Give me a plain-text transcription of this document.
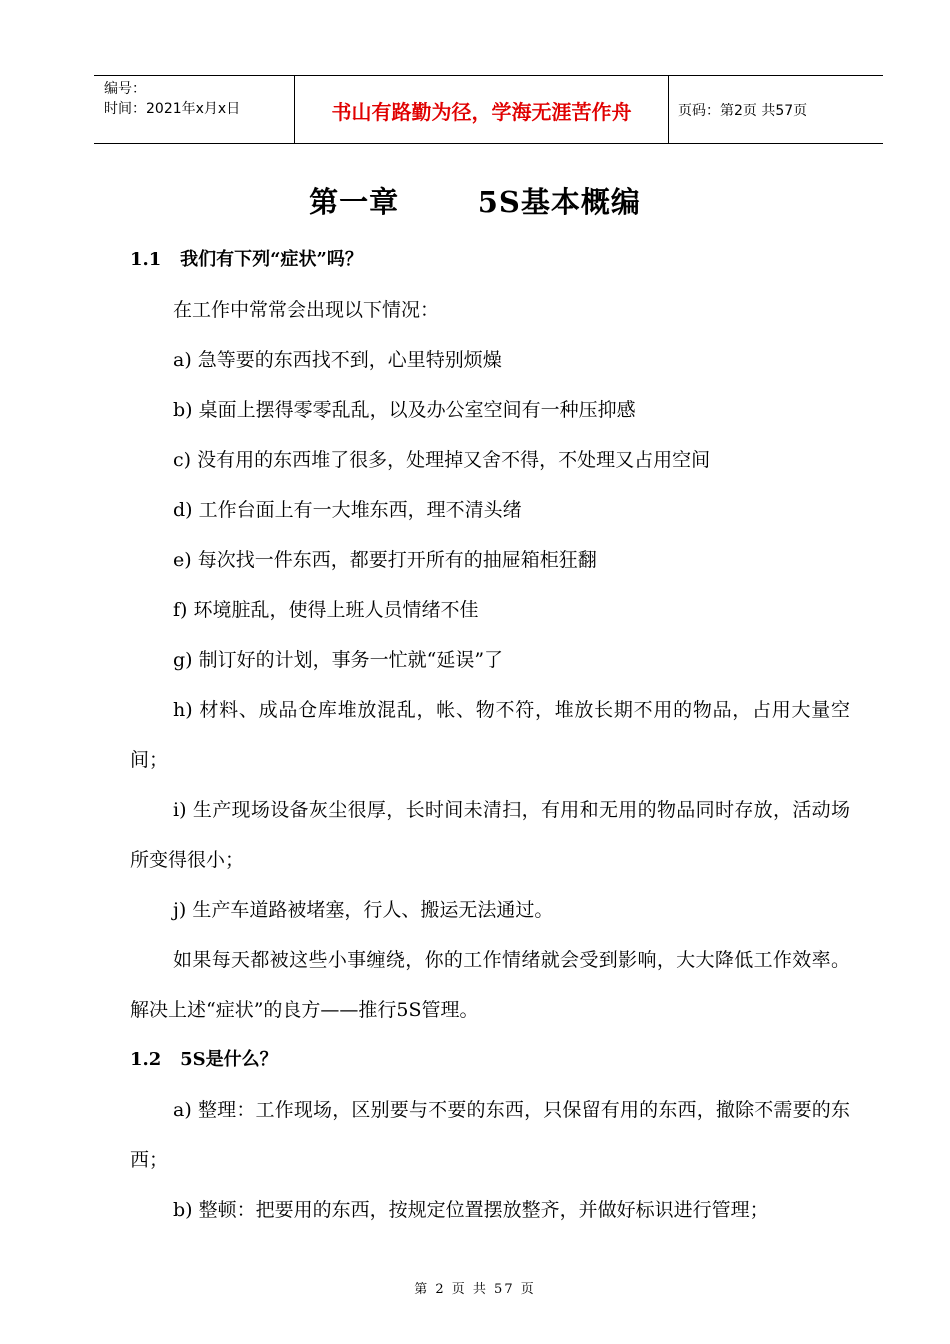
编号：
时间：2021年x月x日	书山有路勤为径，学海无涯苦作舟	页码：第2页 共57页
第一章      5S基本概编
1.1   我们有下列“症状”吗？
在工作中常常会出现以下情况：
a) 急等要的东西找不到，心里特别烦燥
b) 桌面上摆得零零乱乱，以及办公室空间有一种压抑感
c) 没有用的东西堆了很多，处理掉又舍不得，不处理又占用空间
d) 工作台面上有一大堆东西，理不清头绪
e) 每次找一件东西，都要打开所有的抽屉箱柜狂翻
f) 环境脏乱，使得上班人员情绪不佳
g) 制订好的计划，事务一忙就“延误”了
h) 材料、成品仓库堆放混乱，帐、物不符，堆放长期不用的物品，占用大量空间；
i) 生产现场设备灰尘很厚，长时间未清扫，有用和无用的物品同时存放，活动场所变得很小；
j) 生产车道路被堵塞，行人、搬运无法通过。
如果每天都被这些小事缠绕，你的工作情绪就会受到影响，大大降低工作效率。解决上述“症状”的良方——推行5S管理。
1.2   5S是什么？
a) 整理：工作现场，区别要与不要的东西，只保留有用的东西，撤除不需要的东西；
b) 整顿：把要用的东西，按规定位置摆放整齐，并做好标识进行管理；
第 2 页 共 57 页
